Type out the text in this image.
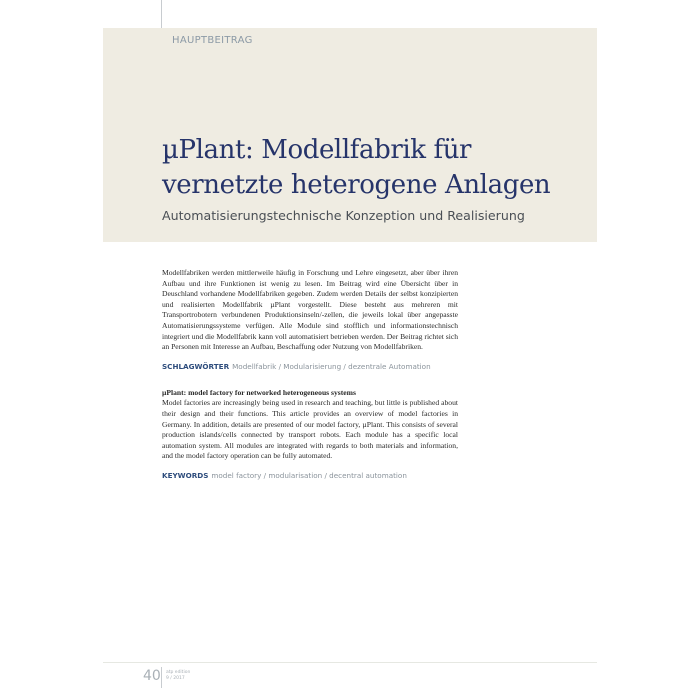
HAUPTBEITRAG
µPlant: Modellfabrik für
vernetzte heterogene Anlagen
Automatisierungstechnische Konzeption und Realisierung
Modellfabriken werden mittlerweile häufig in Forschung und Lehre eingesetzt, aber über ihren Aufbau und ihre Funktionen ist wenig zu lesen. Im Beitrag wird eine Übersicht über in Deuschland vorhandene Modellfabriken gegeben. Zudem werden Details der selbst konzipierten und realisierten Modellfabrik µPlant vorgestellt. Diese besteht aus mehreren mit Transportrobotern verbundenen Produktionsinseln/-zellen, die jeweils lokal über angepasste Automatisierungssysteme verfügen. Alle Module sind stofflich und informationstechnisch integriert und die Modellfabrik kann voll automatisiert betrieben werden. Der Beitrag richtet sich an Personen mit Interesse an Aufbau, Beschaffung oder Nutzung von Modellfabriken.
SCHLAGWÖRTER Modellfabrik / Modularisierung / dezentrale Automation
µPlant: model factory for networked heterogeneous systems
Model factories are increasingly being used in research and teaching, but little is published about their design and their functions. This article provides an overview of model factories in Germany. In addition, details are presented of our model factory, µPlant. This consists of several production islands/cells connected by transport robots. Each module has a specific local automation system. All modules are integrated with regards to both materials and information, and the model factory operation can be fully automated.
KEYWORDS model factory / modularisation / decentral automation
40 atp edition
9 / 2017
